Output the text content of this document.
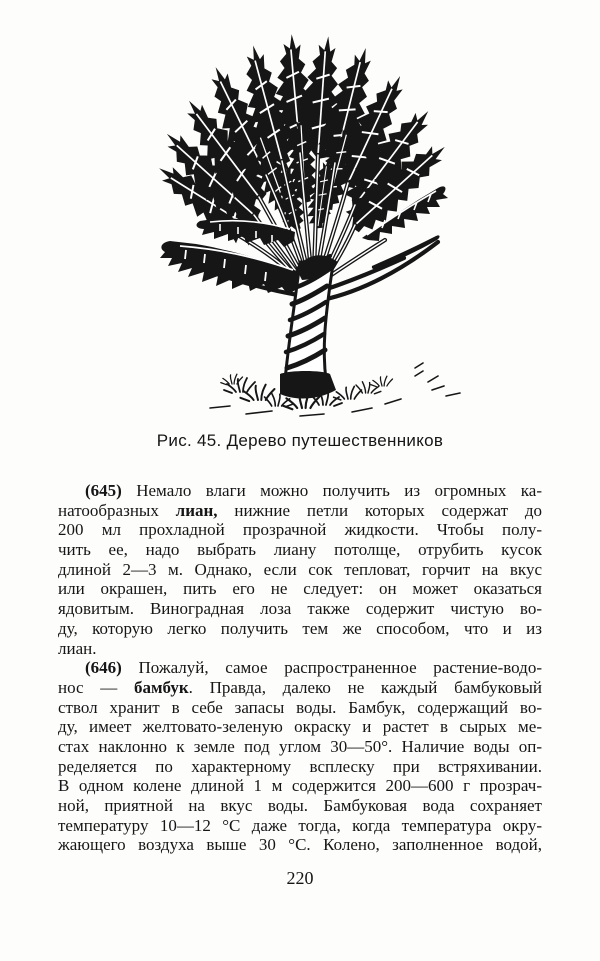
Рис. 45. Дерево путешественников
(645) Немало влаги можно получить из огромных ка-
натообразных лиан, нижние петли которых содержат до
200 мл прохладной прозрачной жидкости. Чтобы полу-
чить ее, надо выбрать лиану потолще, отрубить кусок
длиной 2—3 м. Однако, если сок тепловат, горчит на вкус
или окрашен, пить его не следует: он может оказаться
ядовитым. Виноградная лоза также содержит чистую во-
ду, которую легко получить тем же способом, что и из
лиан.
(646) Пожалуй, самое распространенное растение-водо-
нос — бамбук. Правда, далеко не каждый бамбуковый
ствол хранит в себе запасы воды. Бамбук, содержащий во-
ду, имеет желтовато-зеленую окраску и растет в сырых ме-
стах наклонно к земле под углом 30—50°. Наличие воды оп-
ределяется по характерному всплеску при встряхивании.
В одном колене длиной 1 м содержится 200—600 г прозрач-
ной, приятной на вкус воды. Бамбуковая вода сохраняет
температуру 10—12 °С даже тогда, когда температура окру-
жающего воздуха выше 30 °С. Колено, заполненное водой,
220
